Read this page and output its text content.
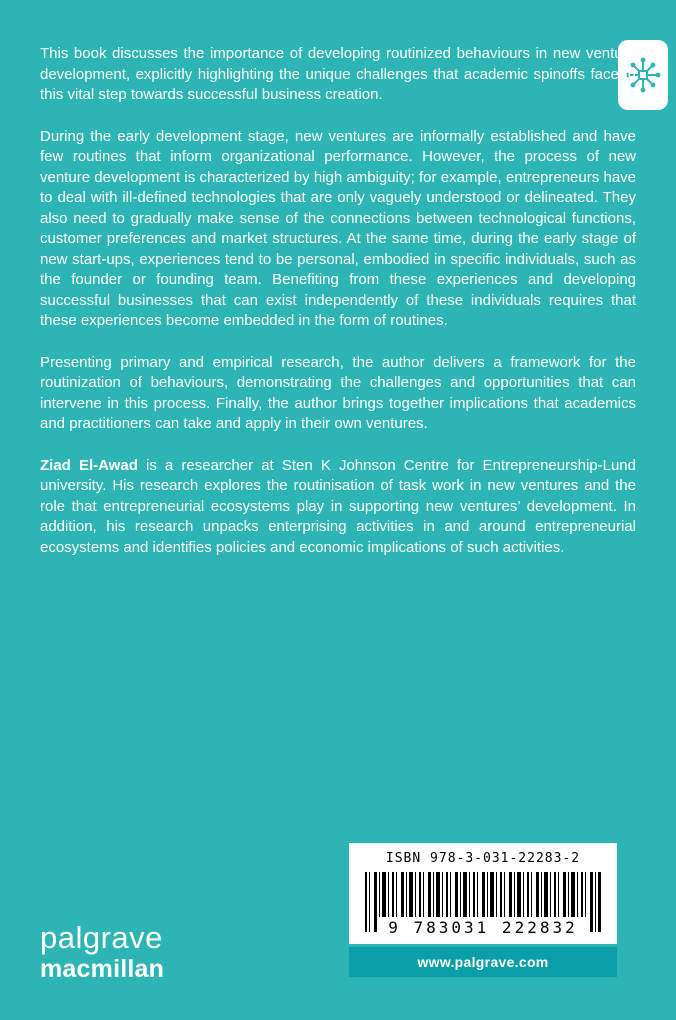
This book discusses the importance of developing routinized behaviours in new venture development, explicitly highlighting the unique challenges that academic spinoffs face in this vital step towards successful business creation.

During the early development stage, new ventures are informally established and have few routines that inform organizational performance. However, the process of new venture development is characterized by high ambiguity; for example, entrepreneurs have to deal with ill-defined technologies that are only vaguely understood or delineated. They also need to gradually make sense of the connections between technological functions, customer preferences and market structures. At the same time, during the early stage of new start-ups, experiences tend to be personal, embodied in specific individuals, such as the founder or founding team. Benefiting from these experiences and developing successful businesses that can exist independently of these individuals requires that these experiences become embedded in the form of routines.

Presenting primary and empirical research, the author delivers a framework for the routinization of behaviours, demonstrating the challenges and opportunities that can intervene in this process. Finally, the author brings together implications that academics and practitioners can take and apply in their own ventures.

Ziad El-Awad is a researcher at Sten K Johnson Centre for Entrepreneurship-Lund university. His research explores the routinisation of task work in new ventures and the role that entrepreneurial ecosystems play in supporting new ventures’ development. In addition, his research unpacks enterprising activities in and around entrepreneurial ecosystems and identifies policies and economic implications of such activities.

palgrave
macmillan
ISBN 978-3-031-22283-2
9 783031 222832
www.palgrave.com
